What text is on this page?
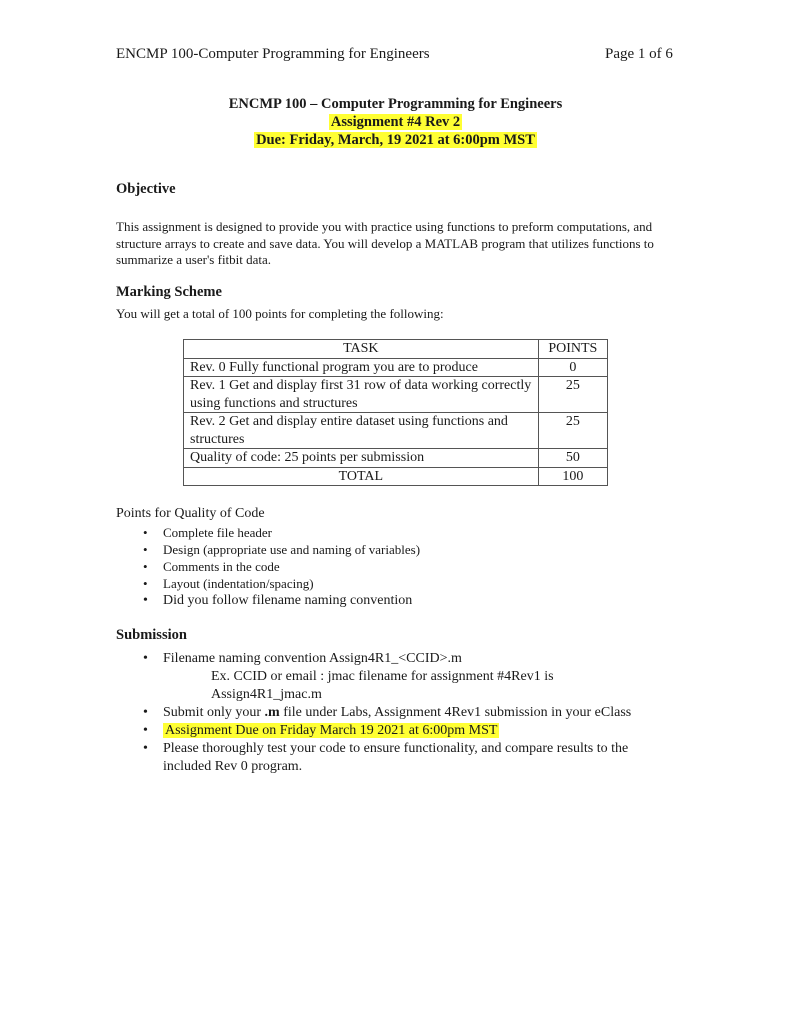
ENCMP 100-Computer Programming for Engineers	Page 1 of 6
ENCMP 100 – Computer Programming for Engineers
Assignment #4 Rev 2
Due: Friday, March, 19 2021 at 6:00pm MST
Objective
This assignment is designed to provide you with practice using functions to preform computations, and structure arrays to create and save data. You will develop a MATLAB program that utilizes functions to summarize a user's fitbit data.
Marking Scheme
You will get a total of 100 points for completing the following:
TASK	POINTS
Rev. 0 Fully functional program you are to produce	0
Rev. 1 Get and display first 31 row of data working correctly using functions and structures	25
Rev. 2 Get and display entire dataset using functions and structures	25
Quality of code: 25 points per submission	50
TOTAL	100
Points for Quality of Code
• Complete file header
• Design (appropriate use and naming of variables)
• Comments in the code
• Layout (indentation/spacing)
• Did you follow filename naming convention
Submission
• Filename naming convention Assign4R1_<CCID>.m
Ex. CCID or email : jmac filename for assignment #4Rev1 is Assign4R1_jmac.m
• Submit only your .m file under Labs, Assignment 4Rev1 submission in your eClass
• Assignment Due on Friday March 19 2021 at 6:00pm MST
• Please thoroughly test your code to ensure functionality, and compare results to the included Rev 0 program.
